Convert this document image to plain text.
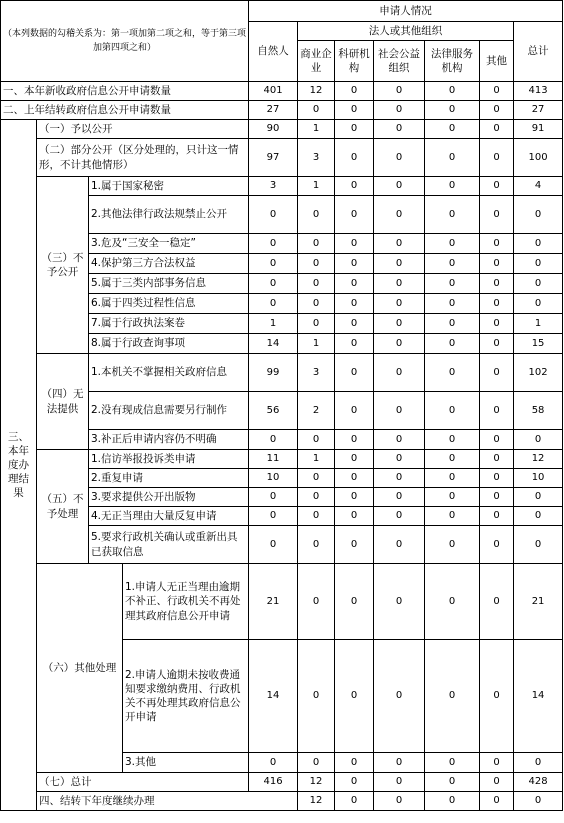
（本列数据的勾稽关系为：第一项加第二项之和，等于第三项加第四项之和）				申请人情况							
				自然人	法人或其他组织					总计	
					商业企业	科研机构	社会公益组织	法律服务机构	其他		
一、本年新收政府信息公开申请数量				401	12	0	0	0	0	413	
二、上年结转政府信息公开申请数量				27	0	0	0	0	0	27	
三、本年度办理结果	（一）予以公开			90	1	0	0	0	0	91	
	（二）部分公开（区分处理的，只计这一情形，不计其他情形）			97	3	0	0	0	0	100	
	（三）不予公开	1.属于国家秘密		3	1	0	0	0	0	4	
		2.其他法律行政法规禁止公开		0	0	0	0	0	0	0	
		3.危及“三安全一稳定”		0	0	0	0	0	0	0	
		4.保护第三方合法权益		0	0	0	0	0	0	0	
		5.属于三类内部事务信息		0	0	0	0	0	0	0	
		6.属于四类过程性信息		0	0	0	0	0	0	0	
		7.属于行政执法案卷		1	0	0	0	0	0	1	
		8.属于行政查询事项		14	1	0	0	0	0	15	
	（四）无法提供	1.本机关不掌握相关政府信息		99	3	0	0	0	0	102	
		2.没有现成信息需要另行制作		56	2	0	0	0	0	58	
		3.补正后申请内容仍不明确		0	0	0	0	0	0	0	
	（五）不予处理	1.信访举报投诉类申请		11	1	0	0	0	0	12	
		2.重复申请		10	0	0	0	0	0	10	
		3.要求提供公开出版物		0	0	0	0	0	0	0	
		4.无正当理由大量反复申请		0	0	0	0	0	0	0	
		5.要求行政机关确认或重新出具已获取信息		0	0	0	0	0	0	0	
	（六）其他处理		1.申请人无正当理由逾期不补正、行政机关不再处理其政府信息公开申请	21	0	0	0	0	0	21	
			2.申请人逾期未按收费通知要求缴纳费用、行政机关不再处理其政府信息公开申请	14	0	0	0	0	0	14	
			3.其他	0	0	0	0	0	0	0	
	（七）总计			416	12	0	0	0	0	428	
	四、结转下年度继续办理				12	0	0	0	0	0	
